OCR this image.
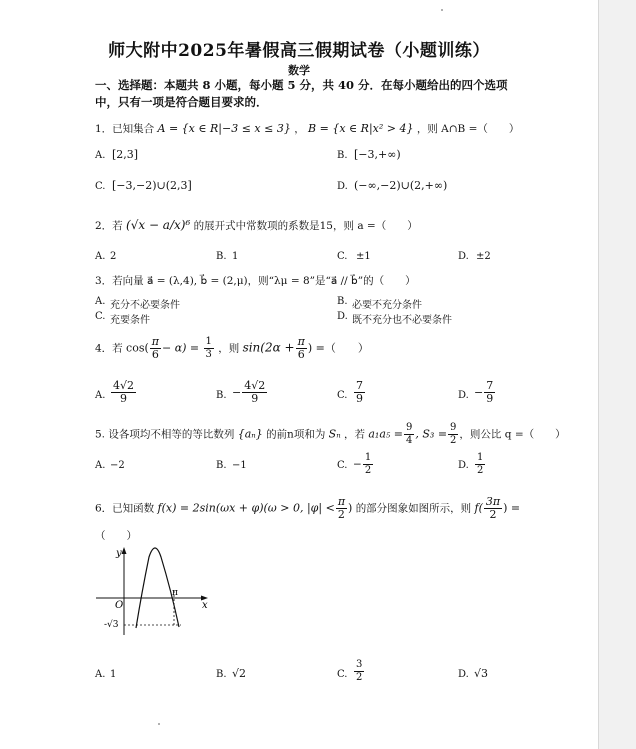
师大附中2025年暑假高三假期试卷（小题训练）
数学
一、选择题：本题共 8 小题，每小题 5 分，共 40 分．在每小题给出的四个选项
中，只有一项是符合题目要求的．
1．已知集合 A = {x ∈ R|−3 ≤ x ≤ 3} ， B = {x ∈ R|x² > 4} ，则 A∩B =（　　）
A. [2,3]	B. [−3,+∞)
C. [−3,−2)∪(2,3]	D. (−∞,−2)∪(2,+∞)
2．若 (√x − a/x)⁶ 的展开式中常数项的系数是15，则 a =（　　）
A. 2	B. 1	C. ±1	D. ±2
3．若向量 a⃗ = (λ,4), b⃗ = (2,μ)，则“λμ = 8”是“a⃗ // b⃗”的（　　）
A. 充分不必要条件	B. 必要不充分条件
C. 充要条件	D. 既不充分也不必要条件
4．若 $\cos( \frac{\pi}{6} - \alpha) = \frac{1}{3}$ ，则 $\sin(2\alpha + \frac{\pi}{6}$ ) =（　　）
A. $\frac{4√2}{9}$	B. − $\frac{4√2}{9}$	C. $\frac{7}{9}$	D. − $\frac{7}{9}$
5. 设各项均不相等的等比数列 {aₙ} 的前n项和为 Sₙ ，若 $a_1a_5 = \frac{9}{4}$ , $S_3 = \frac{9}{2}$ ，则公比 q =（　　）
A. −2	B. −1	C. − $\frac{1}{2}$	D. $\frac{1}{2}$
6．已知函数 f(x) = 2sin(ωx + φ)(ω > 0, $|\varphi| < \frac{\pi}{2}$ ) 的部分图象如图所示，则 $f( \frac{3\pi}{2}$ ) =
（　　）
y
x
O
π
-√3
A. 1	B. √2	C. $\frac{3}{2}$	D. √3
